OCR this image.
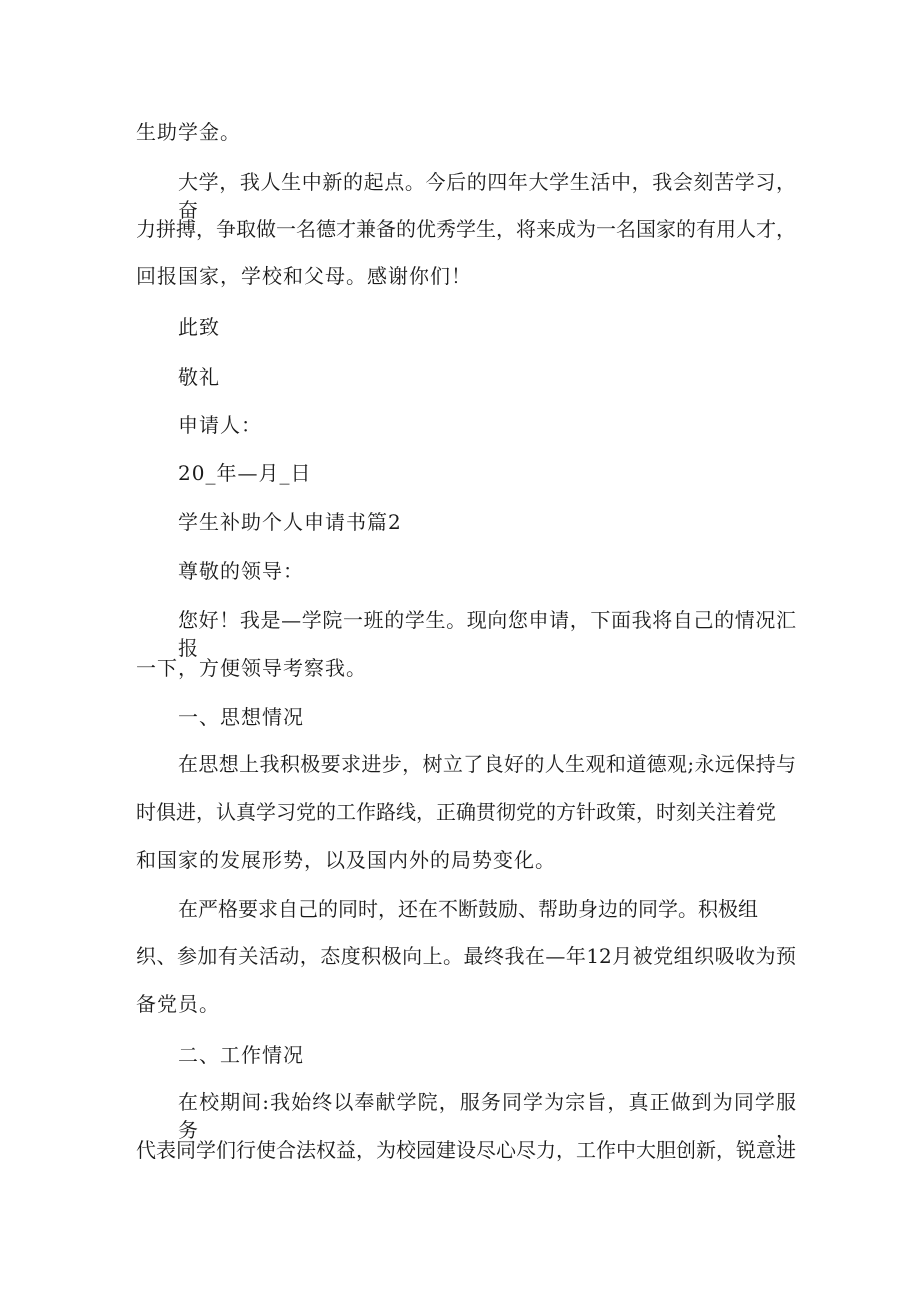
生助学金。
大学，我人生中新的起点。今后的四年大学生活中，我会刻苦学习，奋
力拼搏，争取做一名德才兼备的优秀学生，将来成为一名国家的有用人才，
回报国家，学校和父母。感谢你们！
此致
敬礼
申请人：
20_年—月_日
学生补助个人申请书篇2
尊敬的领导：
您好！我是—学院一班的学生。现向您申请，下面我将自己的情况汇报
一下，方便领导考察我。
一、思想情况
在思想上我积极要求进步，树立了良好的人生观和道德观;永远保持与
时俱进，认真学习党的工作路线，正确贯彻党的方针政策，时刻关注着党
和国家的发展形势，以及国内外的局势变化。
在严格要求自己的同时，还在不断鼓励、帮助身边的同学。积极组
织、参加有关活动，态度积极向上。最终我在—年12月被党组织吸收为预
备党员。
二、工作情况
在校期间:我始终以奉献学院，服务同学为宗旨，真正做到为同学服务，
代表同学们行使合法权益，为校园建设尽心尽力，工作中大胆创新，锐意进
